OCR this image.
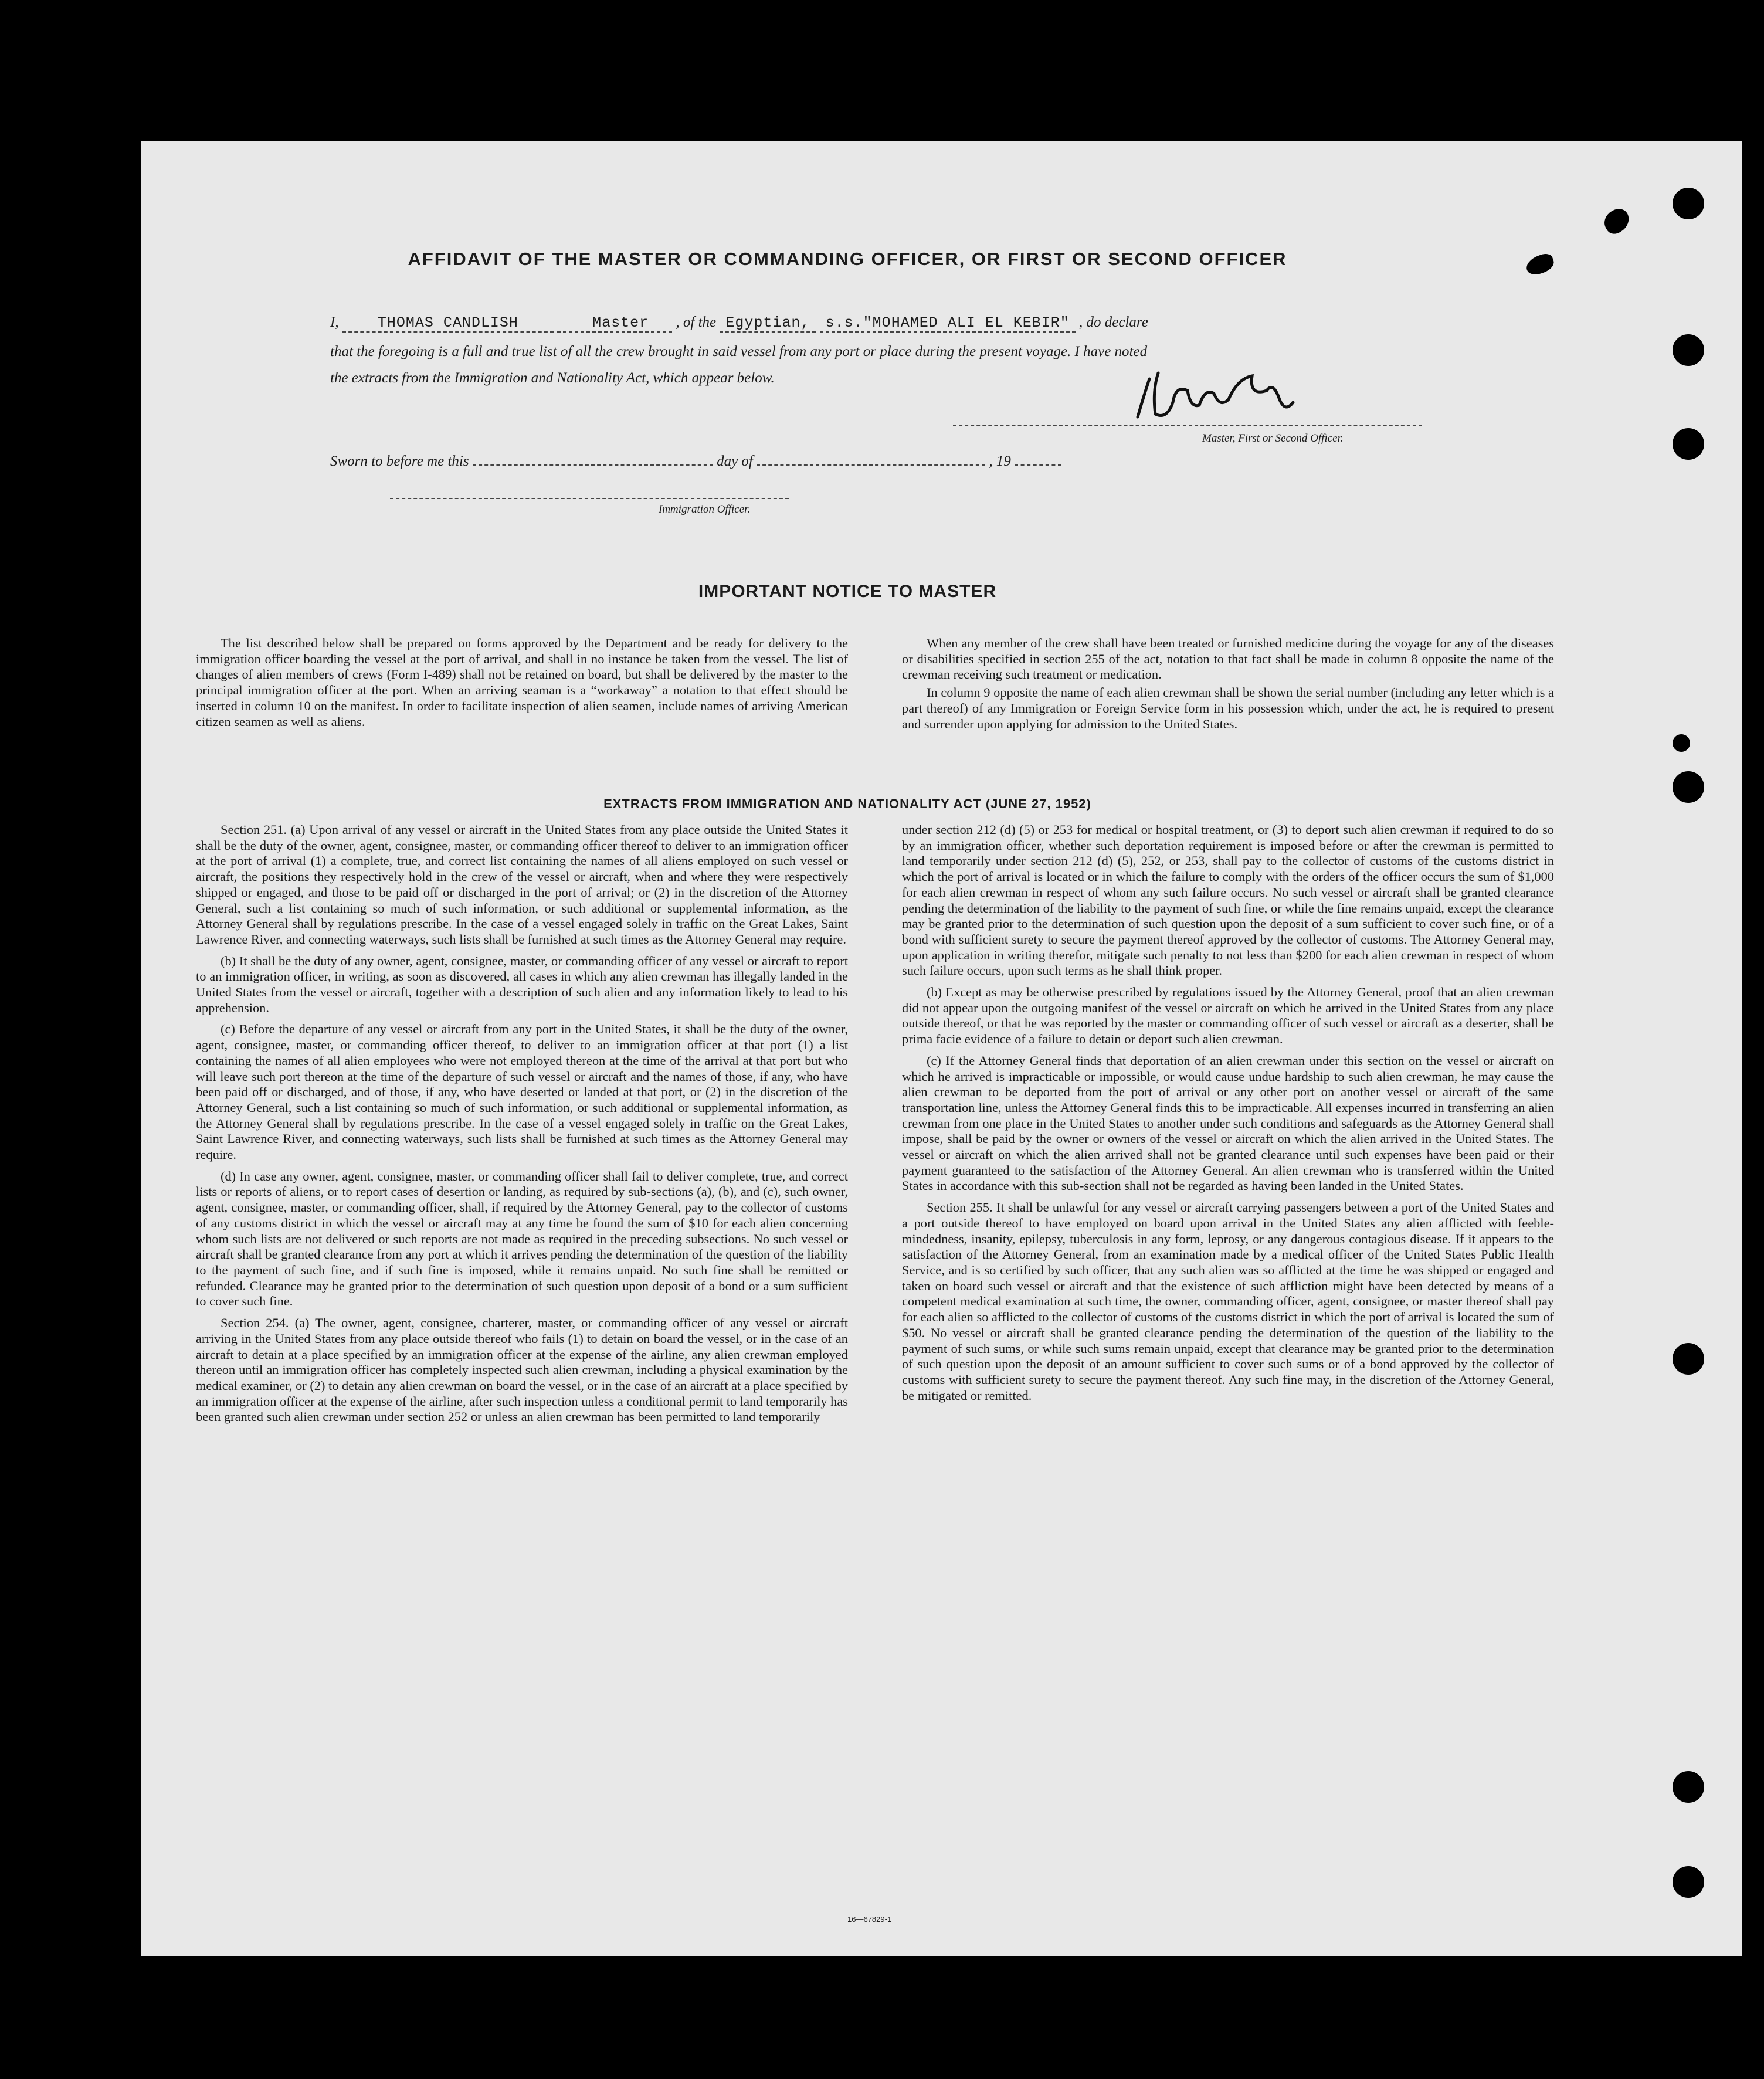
AFFIDAVIT OF THE MASTER OR COMMANDING OFFICER, OR FIRST OR SECOND OFFICER
I,	THOMAS CANDLISH	Master , of the Egyptian, s.s."MOHAMED ALI EL KEBIR" , do declare
that the foregoing is a full and true list of all the crew brought in said vessel from any port or place during the present voyage. I have noted
the extracts from the Immigration and Nationality Act, which appear below.
Master, First or Second Officer.
Sworn to before me this	day of	, 19
Immigration Officer.
IMPORTANT NOTICE TO MASTER

The list described below shall be prepared on forms approved by the Department and be ready for delivery to the immigration officer boarding the vessel at the port of arrival, and shall in no instance be taken from the vessel. The list of changes of alien members of crews (Form I-489) shall not be retained on board, but shall be delivered by the master to the principal immigration officer at the port. When an arriving seaman is a “workaway” a notation to that effect should be inserted in column 10 on the manifest. In order to facilitate inspection of alien seamen, include names of arriving American citizen seamen as well as aliens.

When any member of the crew shall have been treated or furnished medicine during the voyage for any of the diseases or disabilities specified in section 255 of the act, notation to that fact shall be made in column 8 opposite the name of the crewman receiving such treatment or medication.

In column 9 opposite the name of each alien crewman shall be shown the serial number (including any letter which is a part thereof) of any Immigration or Foreign Service form in his possession which, under the act, he is required to present and surrender upon applying for admission to the United States.

EXTRACTS FROM IMMIGRATION AND NATIONALITY ACT (JUNE 27, 1952)

Section 251. (a) Upon arrival of any vessel or aircraft in the United States from any place outside the United States it shall be the duty of the owner, agent, consignee, master, or commanding officer thereof to deliver to an immigration officer at the port of arrival (1) a complete, true, and correct list containing the names of all aliens employed on such vessel or aircraft, the positions they respectively hold in the crew of the vessel or aircraft, when and where they were respectively shipped or engaged, and those to be paid off or discharged in the port of arrival; or (2) in the discretion of the Attorney General, such a list containing so much of such information, or such additional or supplemental information, as the Attorney General shall by regulations prescribe. In the case of a vessel engaged solely in traffic on the Great Lakes, Saint Lawrence River, and connecting waterways, such lists shall be furnished at such times as the Attorney General may require.

(b) It shall be the duty of any owner, agent, consignee, master, or commanding officer of any vessel or aircraft to report to an immigration officer, in writing, as soon as discovered, all cases in which any alien crewman has illegally landed in the United States from the vessel or aircraft, together with a description of such alien and any information likely to lead to his apprehension.

(c) Before the departure of any vessel or aircraft from any port in the United States, it shall be the duty of the owner, agent, consignee, master, or commanding officer thereof, to deliver to an immigration officer at that port (1) a list containing the names of all alien employees who were not employed thereon at the time of the arrival at that port but who will leave such port thereon at the time of the departure of such vessel or aircraft and the names of those, if any, who have been paid off or discharged, and of those, if any, who have deserted or landed at that port, or (2) in the discretion of the Attorney General, such a list containing so much of such information, or such additional or supplemental information, as the Attorney General shall by regulations prescribe. In the case of a vessel engaged solely in traffic on the Great Lakes, Saint Lawrence River, and connecting waterways, such lists shall be furnished at such times as the Attorney General may require.

(d) In case any owner, agent, consignee, master, or commanding officer shall fail to deliver complete, true, and correct lists or reports of aliens, or to report cases of desertion or landing, as required by sub-sections (a), (b), and (c), such owner, agent, consignee, master, or commanding officer, shall, if required by the Attorney General, pay to the collector of customs of any customs district in which the vessel or aircraft may at any time be found the sum of $10 for each alien concerning whom such lists are not delivered or such reports are not made as required in the preceding subsections. No such vessel or aircraft shall be granted clearance from any port at which it arrives pending the determination of the question of the liability to the payment of such fine, and if such fine is imposed, while it remains unpaid. No such fine shall be remitted or refunded. Clearance may be granted prior to the determination of such question upon deposit of a bond or a sum sufficient to cover such fine.

Section 254. (a) The owner, agent, consignee, charterer, master, or commanding officer of any vessel or aircraft arriving in the United States from any place outside thereof who fails (1) to detain on board the vessel, or in the case of an aircraft to detain at a place specified by an immigration officer at the expense of the airline, any alien crewman employed thereon until an immigration officer has completely inspected such alien crewman, including a physical examination by the medical examiner, or (2) to detain any alien crewman on board the vessel, or in the case of an aircraft at a place specified by an immigration officer at the expense of the airline, after such inspection unless a conditional permit to land temporarily has been granted such alien crewman under section 252 or unless an alien crewman has been permitted to land temporarily

under section 212 (d) (5) or 253 for medical or hospital treatment, or (3) to deport such alien crewman if required to do so by an immigration officer, whether such deportation requirement is imposed before or after the crewman is permitted to land temporarily under section 212 (d) (5), 252, or 253, shall pay to the collector of customs of the customs district in which the port of arrival is located or in which the failure to comply with the orders of the officer occurs the sum of $1,000 for each alien crewman in respect of whom any such failure occurs. No such vessel or aircraft shall be granted clearance pending the determination of the liability to the payment of such fine, or while the fine remains unpaid, except the clearance may be granted prior to the determination of such question upon the deposit of a sum sufficient to cover such fine, or of a bond with sufficient surety to secure the payment thereof approved by the collector of customs. The Attorney General may, upon application in writing therefor, mitigate such penalty to not less than $200 for each alien crewman in respect of whom such failure occurs, upon such terms as he shall think proper.

(b) Except as may be otherwise prescribed by regulations issued by the Attorney General, proof that an alien crewman did not appear upon the outgoing manifest of the vessel or aircraft on which he arrived in the United States from any place outside thereof, or that he was reported by the master or commanding officer of such vessel or aircraft as a deserter, shall be prima facie evidence of a failure to detain or deport such alien crewman.

(c) If the Attorney General finds that deportation of an alien crewman under this section on the vessel or aircraft on which he arrived is impracticable or impossible, or would cause undue hardship to such alien crewman, he may cause the alien crewman to be deported from the port of arrival or any other port on another vessel or aircraft of the same transportation line, unless the Attorney General finds this to be impracticable. All expenses incurred in transferring an alien crewman from one place in the United States to another under such conditions and safeguards as the Attorney General shall impose, shall be paid by the owner or owners of the vessel or aircraft on which the alien arrived in the United States. The vessel or aircraft on which the alien arrived shall not be granted clearance until such expenses have been paid or their payment guaranteed to the satisfaction of the Attorney General. An alien crewman who is transferred within the United States in accordance with this sub-section shall not be regarded as having been landed in the United States.

Section 255. It shall be unlawful for any vessel or aircraft carrying passengers between a port of the United States and a port outside thereof to have employed on board upon arrival in the United States any alien afflicted with feeble-mindedness, insanity, epilepsy, tuberculosis in any form, leprosy, or any dangerous contagious disease. If it appears to the satisfaction of the Attorney General, from an examination made by a medical officer of the United States Public Health Service, and is so certified by such officer, that any such alien was so afflicted at the time he was shipped or engaged and taken on board such vessel or aircraft and that the existence of such affliction might have been detected by means of a competent medical examination at such time, the owner, commanding officer, agent, consignee, or master thereof shall pay for each alien so afflicted to the collector of customs of the customs district in which the port of arrival is located the sum of $50. No vessel or aircraft shall be granted clearance pending the determination of the question of the liability to the payment of such sums, or while such sums remain unpaid, except that clearance may be granted prior to the determination of such question upon the deposit of an amount sufficient to cover such sums or of a bond approved by the collector of customs with sufficient surety to secure the payment thereof. Any such fine may, in the discretion of the Attorney General, be mitigated or remitted.

16—67829-1
